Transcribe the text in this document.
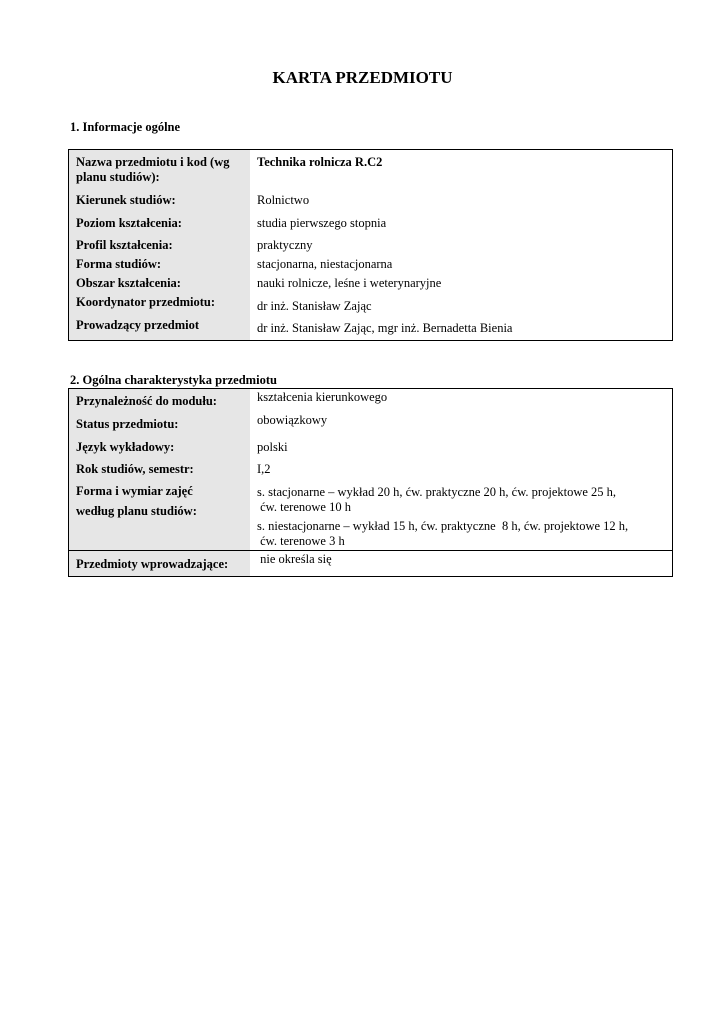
KARTA PRZEDMIOTU
1. Informacje ogólne
Nazwa przedmiotu i kod (wg planu studiów):
Kierunek studiów:
Poziom kształcenia:
Profil kształcenia:
Forma studiów:
Obszar kształcenia:
Koordynator przedmiotu:
Prowadzący przedmiot
Technika rolnicza R.C2
Rolnictwo
studia pierwszego stopnia
praktyczny
stacjonarna, niestacjonarna
nauki rolnicze, leśne i weterynaryjne
dr inż. Stanisław Zając
dr inż. Stanisław Zając, mgr inż. Bernadetta Bienia
2. Ogólna charakterystyka przedmiotu
Przynależność do modułu:
Status przedmiotu:
Język wykładowy:
Rok studiów, semestr:
Forma i wymiar zajęć
według planu studiów:
kształcenia kierunkowego
obowiązkowy
polski
I,2
s. stacjonarne – wykład 20 h, ćw. praktyczne 20 h, ćw. projektowe 25 h,
ćw. terenowe 10 h
s. niestacjonarne – wykład 15 h, ćw. praktyczne  8 h, ćw. projektowe 12 h,
ćw. terenowe 3 h
Przedmioty wprowadzające:	nie określa się
